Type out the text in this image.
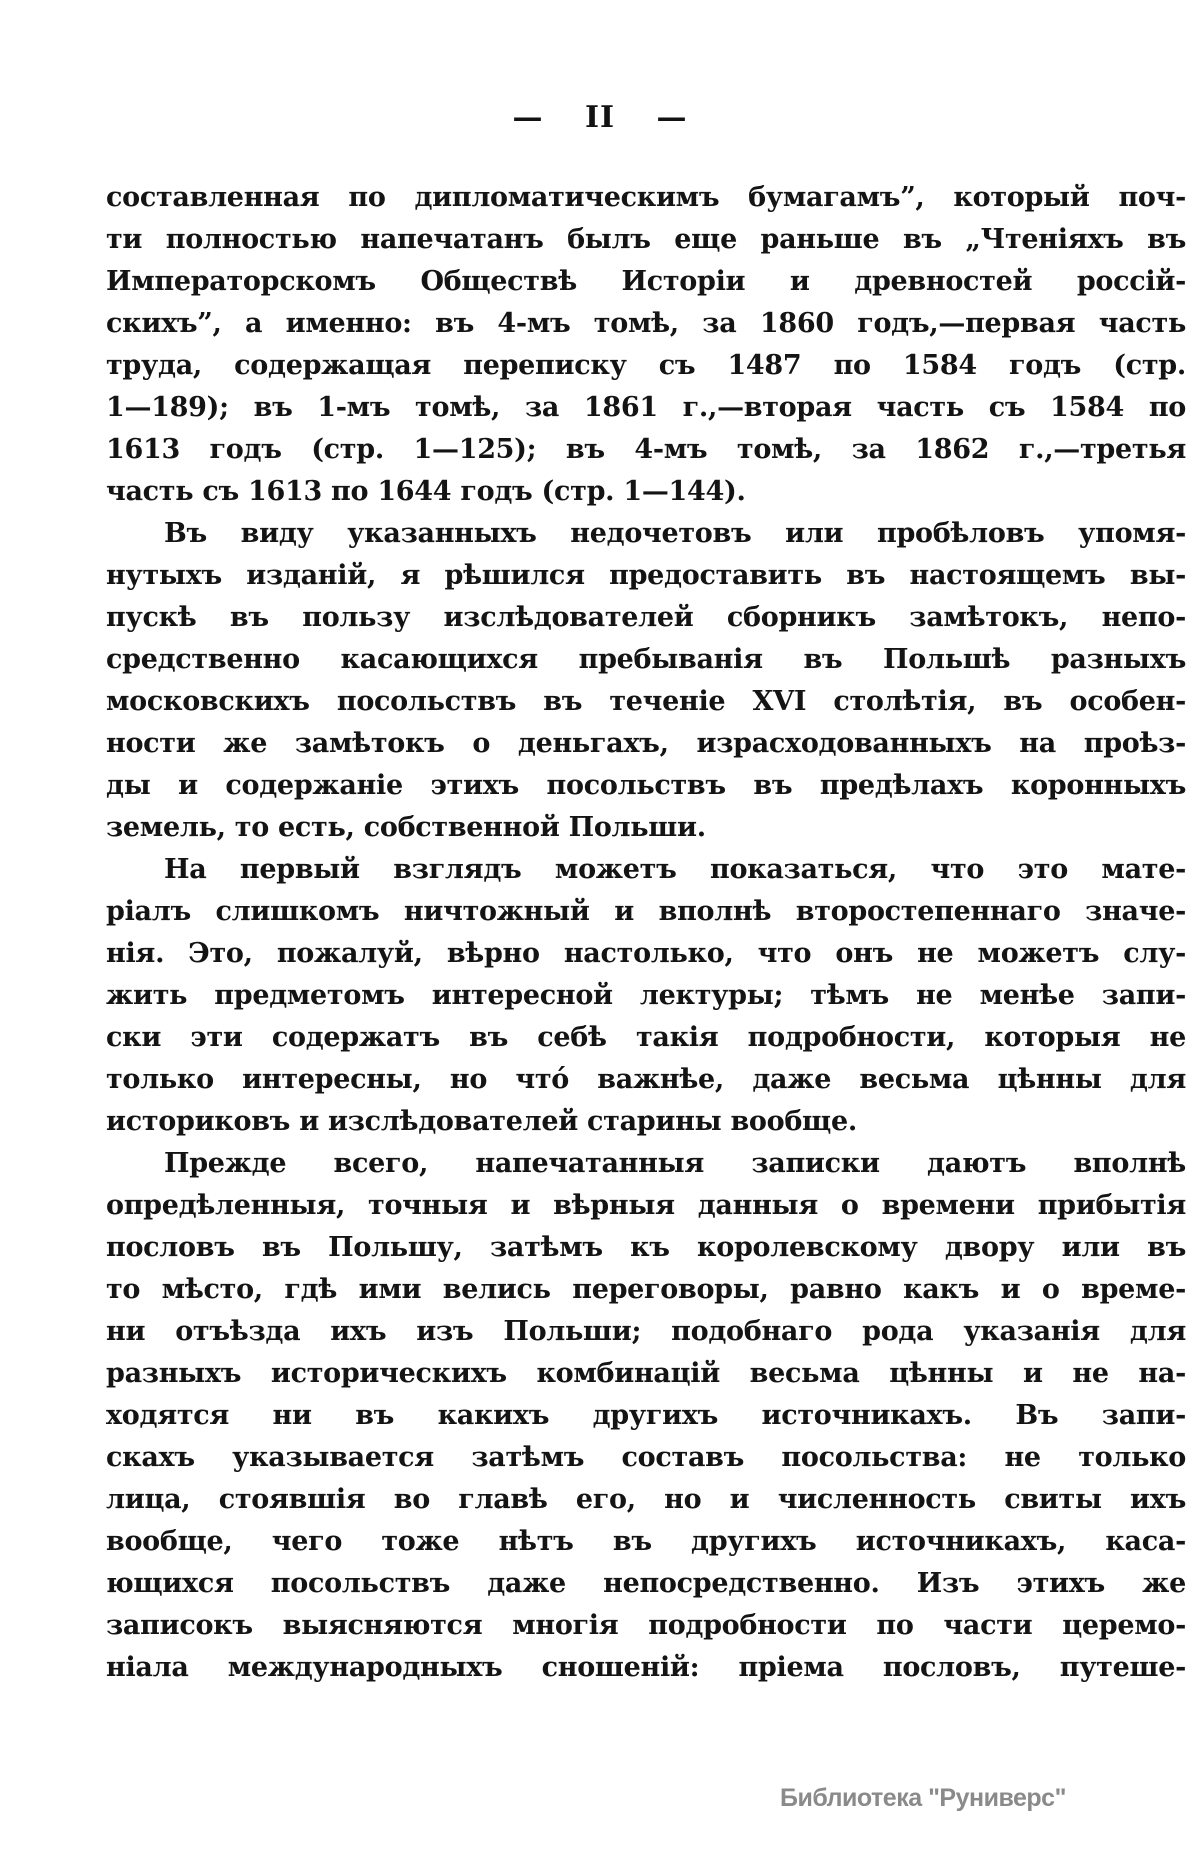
— II —
составленная по дипломатическимъ бумагамъ”, который поч-
ти полностью напечатанъ былъ еще раньше въ „Чтеніяхъ въ
Императорскомъ Обществѣ Исторіи и древностей россій-
скихъ”, а именно: въ 4-мъ томѣ, за 1860 годъ,—первая часть
труда, содержащая переписку съ 1487 по 1584 годъ (стр.
1—189); въ 1-мъ томѣ, за 1861 г.,—вторая часть съ 1584 по
1613 годъ (стр. 1—125); въ 4-мъ томѣ, за 1862 г.,—третья
часть съ 1613 по 1644 годъ (стр. 1—144).
Въ виду указанныхъ недочетовъ или пробѣловъ упомя-
нутыхъ изданій, я рѣшился предоставить въ настоящемъ вы-
пускѣ въ пользу изслѣдователей сборникъ замѣтокъ, непо-
средственно касающихся пребыванія въ Польшѣ разныхъ
московскихъ посольствъ въ теченіе XVI столѣтія, въ особен-
ности же замѣтокъ о деньгахъ, израсходованныхъ на проѣз-
ды и содержаніе этихъ посольствъ въ предѣлахъ коронныхъ
земель, то есть, собственной Польши.
На первый взглядъ можетъ показаться, что это мате-
ріалъ слишкомъ ничтожный и вполнѣ второстепеннаго значе-
нія. Это, пожалуй, вѣрно настолько, что онъ не можетъ слу-
жить предметомъ интересной лектуры; тѣмъ не менѣе запи-
ски эти содержатъ въ себѣ такія подробности, которыя не
только интересны, но что́ важнѣе, даже весьма цѣнны для
историковъ и изслѣдователей старины вообще.
Прежде всего, напечатанныя записки даютъ вполнѣ
опредѣленныя, точныя и вѣрныя данныя о времени прибытія
пословъ въ Польшу, затѣмъ къ королевскому двору или въ
то мѣсто, гдѣ ими велись переговоры, равно какъ и о време-
ни отъѣзда ихъ изъ Польши; подобнаго рода указанія для
разныхъ историческихъ комбинацій весьма цѣнны и не на-
ходятся ни въ какихъ другихъ источникахъ. Въ запи-
скахъ указывается затѣмъ составъ посольства: не только
лица, стоявшія во главѣ его, но и численность свиты ихъ
вообще, чего тоже нѣтъ въ другихъ источникахъ, каса-
ющихся посольствъ даже непосредственно. Изъ этихъ же
записокъ выясняются многія подробности по части церемо-
ніала международныхъ сношеній: пріема пословъ, путеше-
Библиотека "Руниверс"
